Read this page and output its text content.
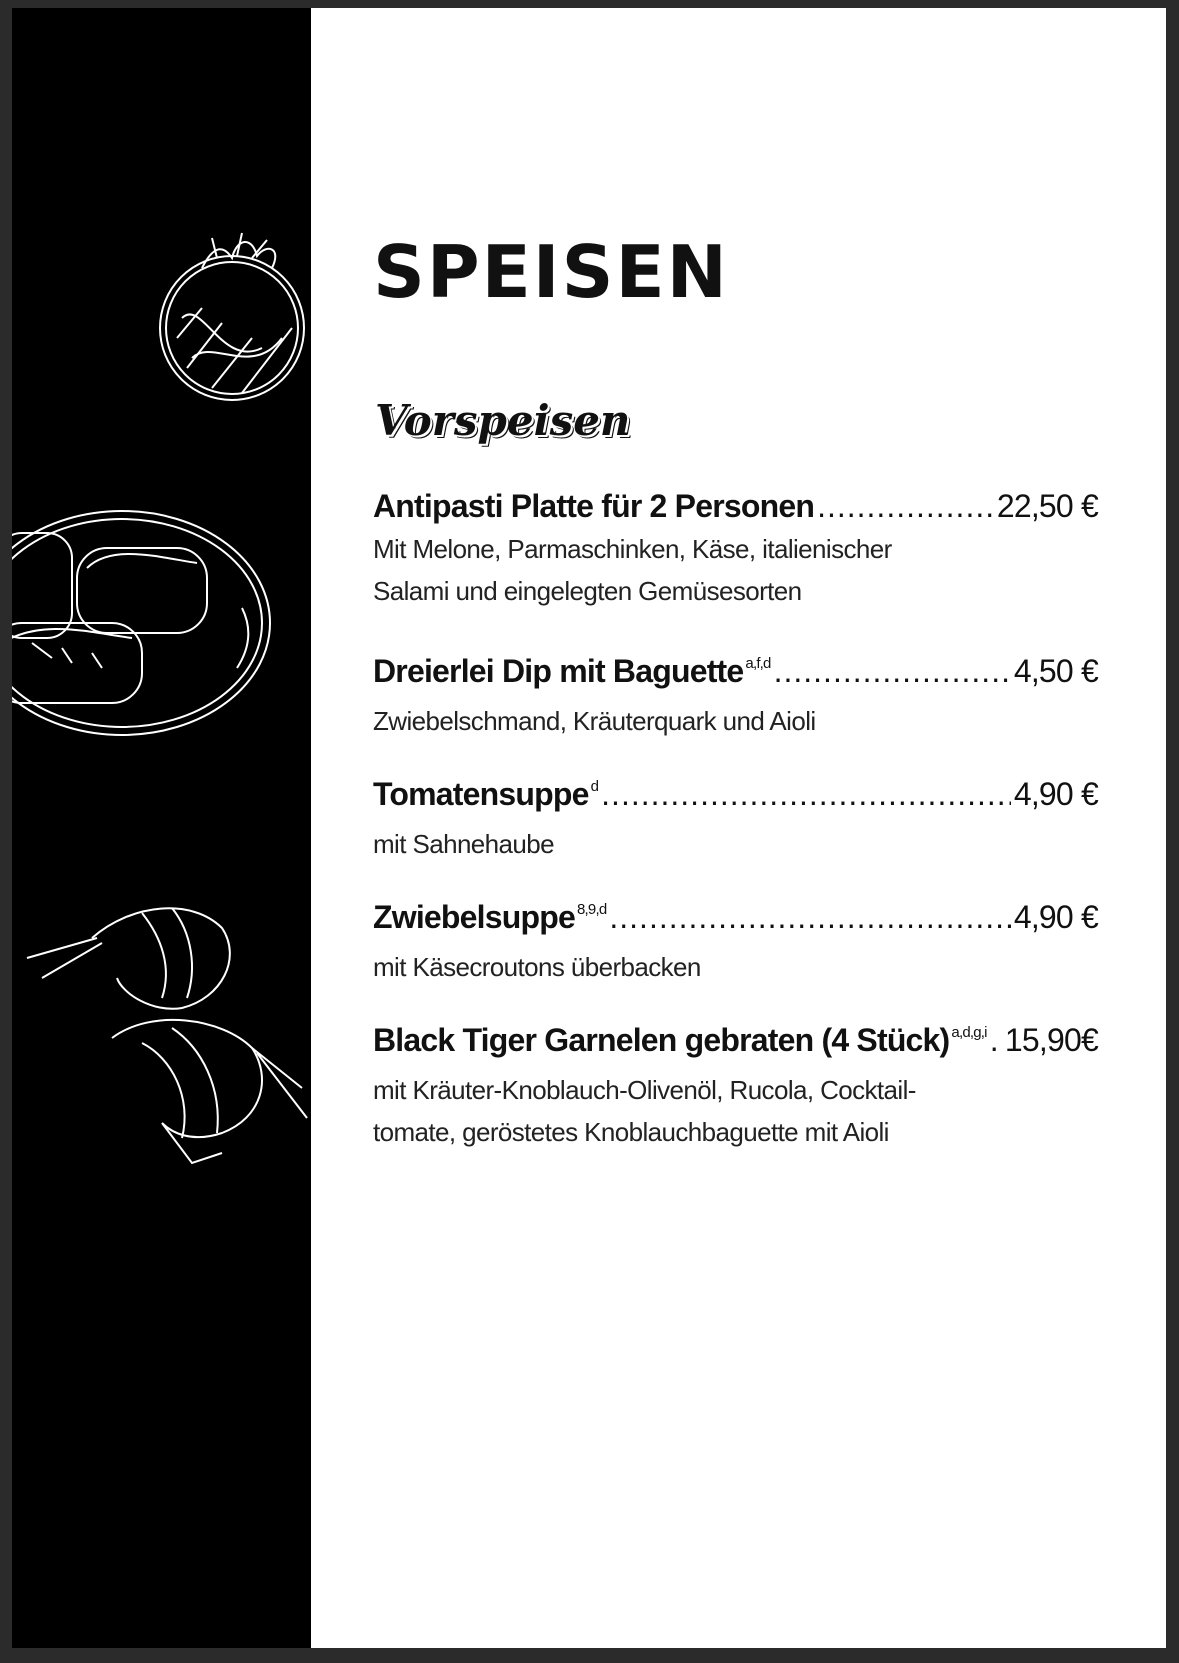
SPEISEN
Vorspeisen
Antipasti Platte für 2 Personen .....	22,50 €
Mit Melone, Parmaschinken, Käse, italienischer
Salami und eingelegten Gemüsesorten
Dreierlei Dip mit Baguette a,f,d .....	4,50 €
Zwiebelschmand, Kräuterquark und Aioli
Tomatensuppe d .....	4,90 €
mit Sahnehaube
Zwiebelsuppe 8,9,d .....	4,90 €
mit Käsecroutons überbacken
Black Tiger Garnelen gebraten (4 Stück) a,d,g,i ..... 15,90€
mit Kräuter-Knoblauch-Olivenöl, Rucola, Cocktail-
tomate, geröstetes Knoblauchbaguette mit Aioli
